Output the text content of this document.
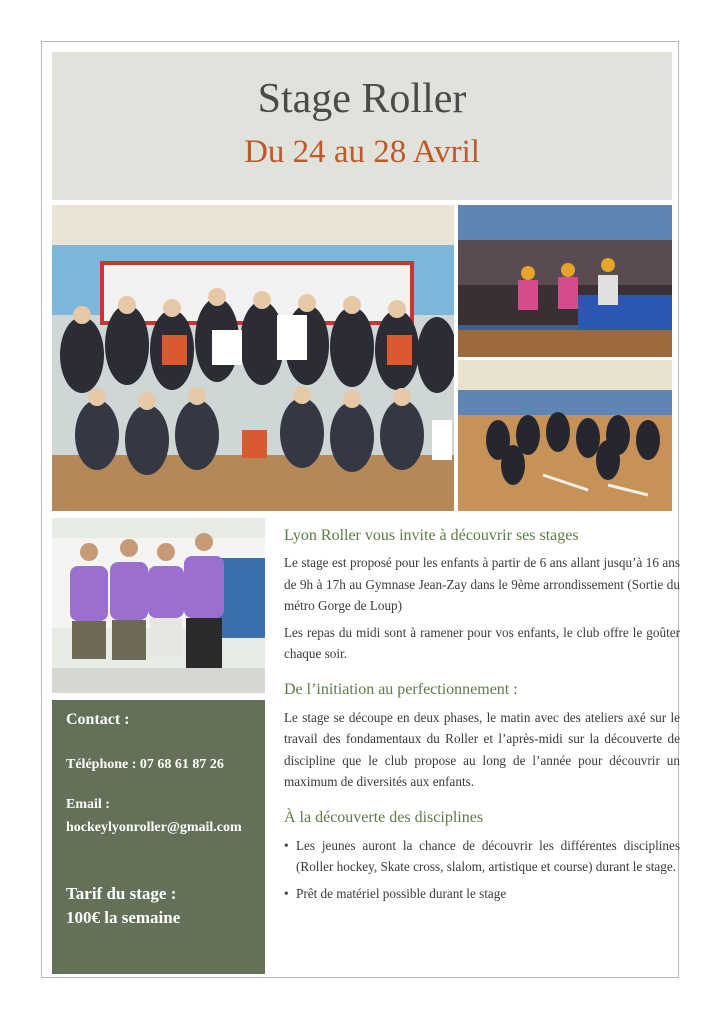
Stage Roller
Du 24 au 28 Avril
Contact :
Téléphone : 07 68 61 87 26
Email :
hockeylyonroller@gmail.com
Tarif du stage :
100€ la semaine
Lyon Roller vous invite à découvrir ses stages
Le stage est proposé pour les enfants à partir de 6 ans allant jusqu’à 16 ans de 9h à 17h au Gymnase Jean-Zay dans le 9ème arrondissement (Sortie du métro Gorge de Loup)
Les repas du midi sont à ramener pour vos enfants, le club offre le goûter chaque soir.
De l’initiation au perfectionnement :
Le stage se découpe en deux phases, le matin avec des ateliers axé sur le travail des fondamentaux du Roller et l’après-midi sur la découverte de discipline que le club propose au long de l’année pour découvrir un maximum de diversités aux enfants.
À la découverte des disciplines
• Les jeunes auront la chance de découvrir les différentes disciplines (Roller hockey, Skate cross, slalom, artistique et course) durant le stage.
• Prêt de matériel possible durant le stage
